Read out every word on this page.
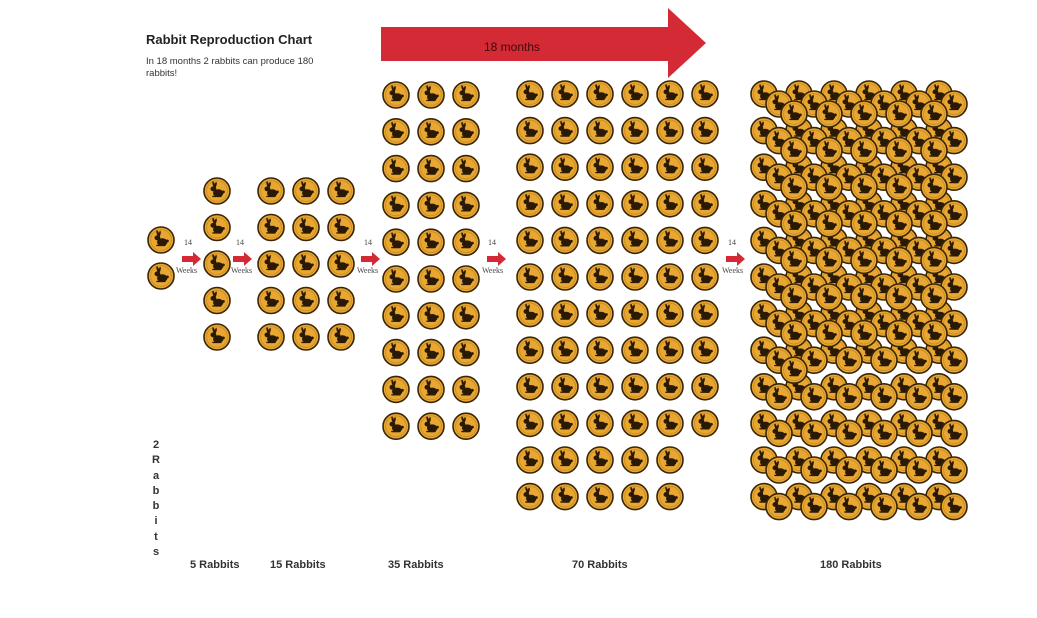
Rabbit Reproduction Chart
In 18 months 2 rabbits can produce 180 rabbits!
18 months
14
Weeks
14
Weeks
14
Weeks
14
Weeks
14
Weeks
2
R
a
b
b
i
t
s
5 Rabbits	15 Rabbits	35 Rabbits	70 Rabbits	180 Rabbits
